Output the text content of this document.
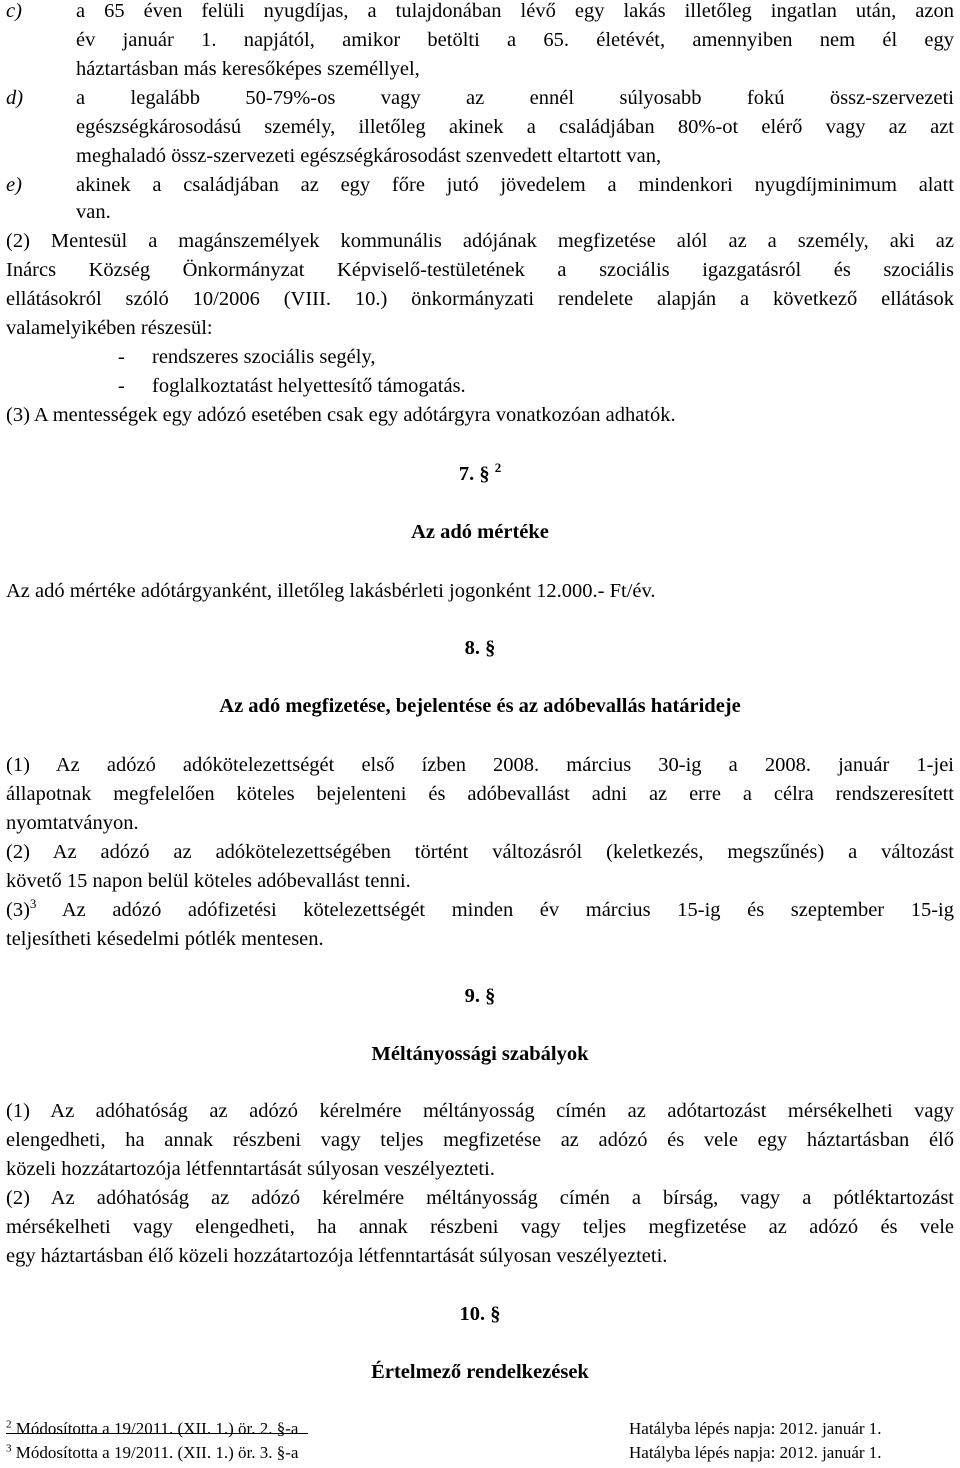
c)	a 65 éven felüli nyugdíjas, a tulajdonában lévő egy lakás illetőleg ingatlan után, azon
év január 1. napjától, amikor betölti a 65. életévét, amennyiben nem él egy
háztartásban más keresőképes személlyel,
d)	a legalább 50-79%-os vagy az ennél súlyosabb fokú össz-szervezeti
egészségkárosodású személy, illetőleg akinek a családjában 80%-ot elérő vagy az azt
meghaladó össz-szervezeti egészségkárosodást szenvedett eltartott van,
e)	akinek a családjában az egy főre jutó jövedelem a mindenkori nyugdíjminimum alatt
van.
(2) Mentesül a magánszemélyek kommunális adójának megfizetése alól az a személy, aki az
Inárcs Község Önkormányzat Képviselő-testületének a szociális igazgatásról és szociális
ellátásokról szóló 10/2006 (VIII. 10.) önkormányzati rendelete alapján a következő ellátások
valamelyikében részesül:
- rendszeres szociális segély,
- foglalkoztatást helyettesítő támogatás.
(3) A mentességek egy adózó esetében csak egy adótárgyra vonatkozóan adhatók.
7. § $^2$
Az adó mértéke
Az adó mértéke adótárgyanként, illetőleg lakásbérleti jogonként 12.000.- Ft/év.
8. §
Az adó megfizetése, bejelentése és az adóbevallás határideje
(1) Az adózó adókötelezettségét első ízben 2008. március 30-ig a 2008. január 1-jei
állapotnak megfelelően köteles bejelenteni és adóbevallást adni az erre a célra rendszeresített
nyomtatványon.
(2) Az adózó az adókötelezettségében történt változásról (keletkezés, megszűnés) a változást
követő 15 napon belül köteles adóbevallást tenni.
$(3)^3$ Az adózó adófizetési kötelezettségét minden év március 15-ig és szeptember 15-ig
teljesítheti késedelmi pótlék mentesen.
9. §
Méltányossági szabályok
(1) Az adóhatóság az adózó kérelmére méltányosság címén az adótartozást mérsékelheti vagy
elengedheti, ha annak részbeni vagy teljes megfizetése az adózó és vele egy háztartásban élő
közeli hozzátartozója létfenntartását súlyosan veszélyezteti.
(2) Az adóhatóság az adózó kérelmére méltányosság címén a bírság, vagy a pótléktartozást
mérsékelheti vagy elengedheti, ha annak részbeni vagy teljes megfizetése az adózó és vele
egy háztartásban élő közeli hozzátartozója létfenntartását súlyosan veszélyezteti.
10. §
Értelmező rendelkezések
$^2$ Módosította a 19/2011. (XII. 1.) ör. 2. §-a	Hatályba lépés napja: 2012. január 1.
$^3$ Módosította a 19/2011. (XII. 1.) ör. 3. §-a	Hatályba lépés napja: 2012. január 1.
